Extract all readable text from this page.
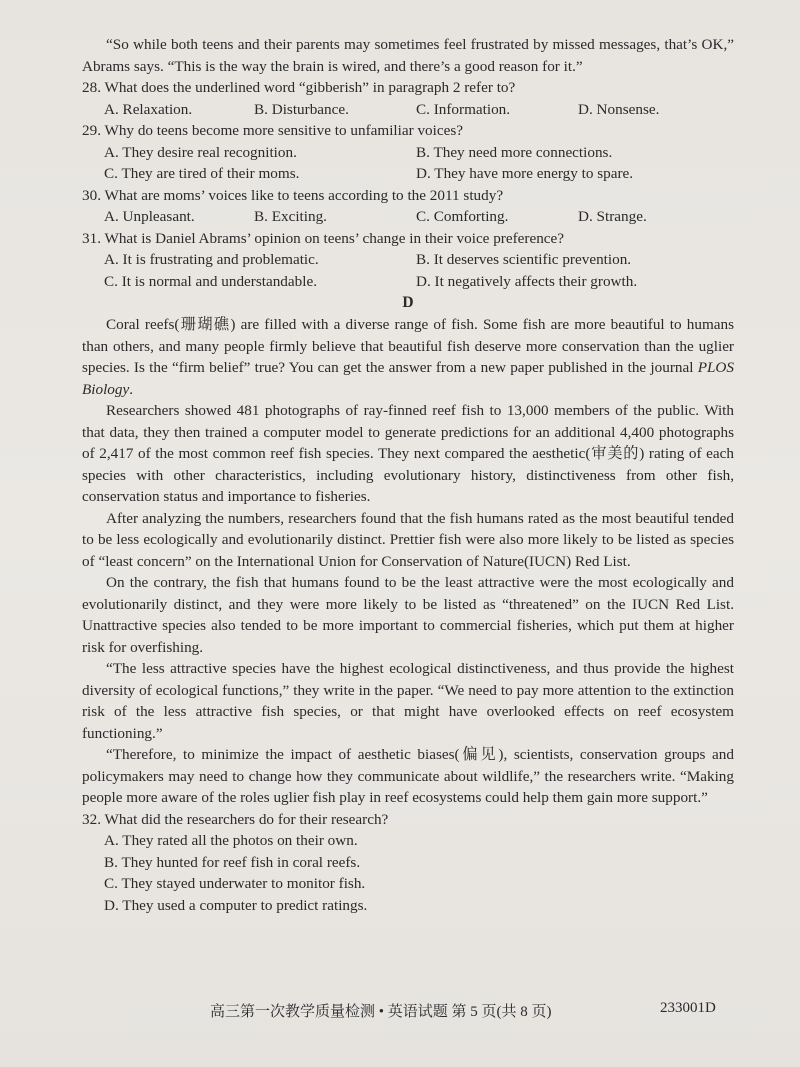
“So while both teens and their parents may sometimes feel frustrated by missed messages, that’s OK,” Abrams says. “This is the way the brain is wired, and there’s a good reason for it.”

28. What does the underlined word “gibberish” in paragraph 2 refer to?

A. Relaxation.	B. Disturbance.	C. Information.	D. Nonsense.

29. Why do teens become more sensitive to unfamiliar voices?

A. They desire real recognition.	B. They need more connections.
C. They are tired of their moms.	D. They have more energy to spare.

30. What are moms’ voices like to teens according to the 2011 study?

A. Unpleasant.	B. Exciting.	C. Comforting.	D. Strange.

31. What is Daniel Abrams’ opinion on teens’ change in their voice preference?

A. It is frustrating and problematic.	B. It deserves scientific prevention.
C. It is normal and understandable.	D. It negatively affects their growth.

D

Coral reefs(珊瑚礁) are filled with a diverse range of fish. Some fish are more beautiful to humans than others, and many people firmly believe that beautiful fish deserve more conservation than the uglier species. Is the “firm belief” true? You can get the answer from a new paper published in the journal PLOS Biology.

Researchers showed 481 photographs of ray-finned reef fish to 13,000 members of the public. With that data, they then trained a computer model to generate predictions for an additional 4,400 photographs of 2,417 of the most common reef fish species. They next compared the aesthetic(审美的) rating of each species with other characteristics, including evolutionary history, distinctiveness from other fish, conservation status and importance to fisheries.

After analyzing the numbers, researchers found that the fish humans rated as the most beautiful tended to be less ecologically and evolutionarily distinct. Prettier fish were also more likely to be listed as species of “least concern” on the International Union for Conservation of Nature(IUCN) Red List.

On the contrary, the fish that humans found to be the least attractive were the most ecologically and evolutionarily distinct, and they were more likely to be listed as “threatened” on the IUCN Red List. Unattractive species also tended to be more important to commercial fisheries, which put them at higher risk for overfishing.

“The less attractive species have the highest ecological distinctiveness, and thus provide the highest diversity of ecological functions,” they write in the paper. “We need to pay more attention to the extinction risk of the less attractive fish species, or that might have overlooked effects on reef ecosystem functioning.”

“Therefore, to minimize the impact of aesthetic biases(偏见), scientists, conservation groups and policymakers may need to change how they communicate about wildlife,” the researchers write. “Making people more aware of the roles uglier fish play in reef ecosystems could help them gain more support.”

32. What did the researchers do for their research?

A. They rated all the photos on their own.
B. They hunted for reef fish in coral reefs.
C. They stayed underwater to monitor fish.
D. They used a computer to predict ratings.
高三第一次教学质量检测 • 英语试题 第 5 页(共 8 页)	233001D
